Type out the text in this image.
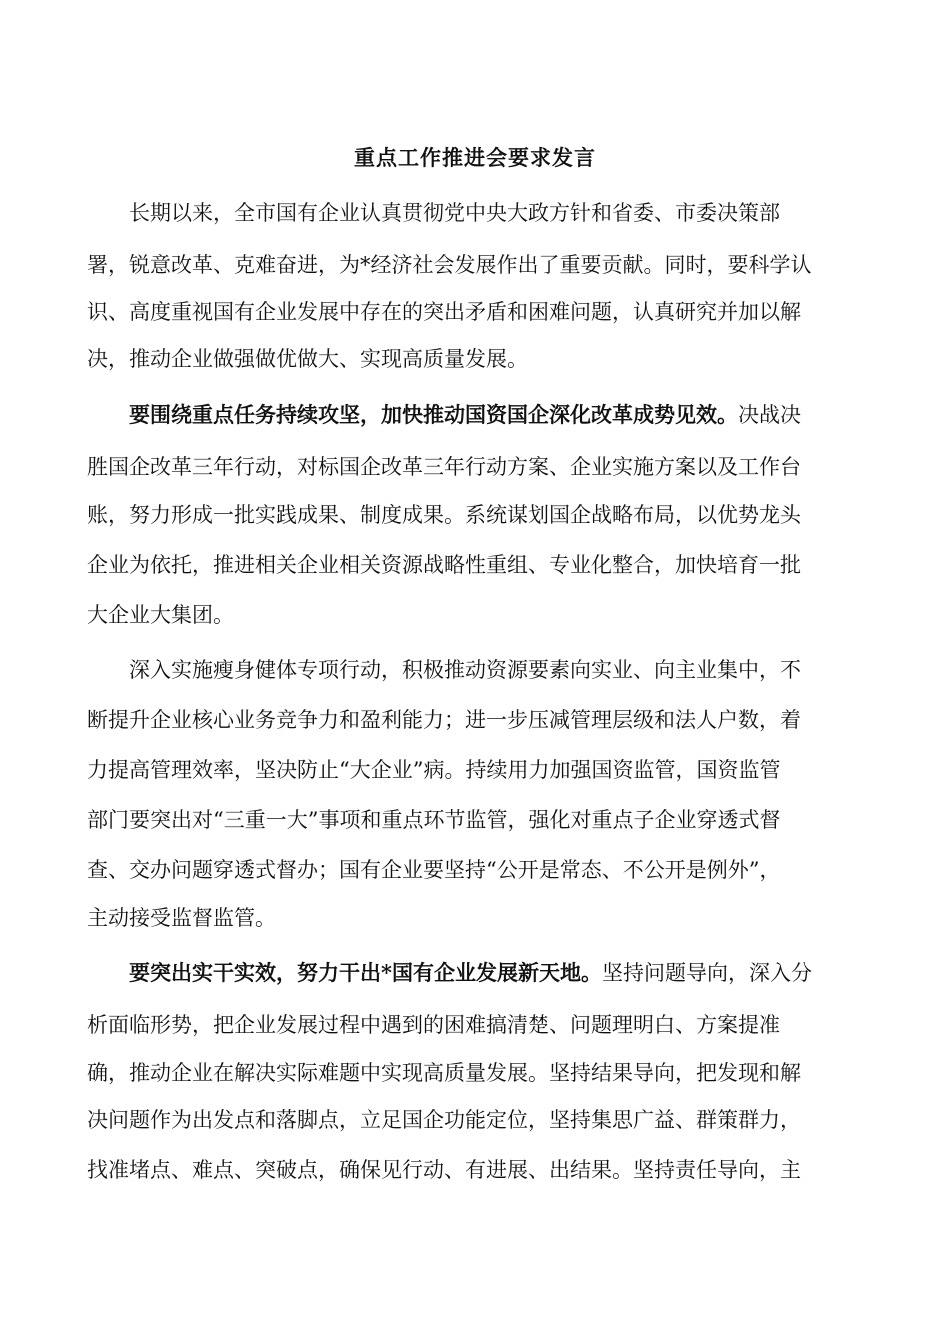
重点工作推进会要求发言
长期以来，全市国有企业认真贯彻党中央大政方针和省委、市委决策部
署，锐意改革、克难奋进，为*经济社会发展作出了重要贡献。同时，要科学认
识、高度重视国有企业发展中存在的突出矛盾和困难问题，认真研究并加以解
决，推动企业做强做优做大、实现高质量发展。
要围绕重点任务持续攻坚，加快推动国资国企深化改革成势见效。决战决
胜国企改革三年行动，对标国企改革三年行动方案、企业实施方案以及工作台
账，努力形成一批实践成果、制度成果。系统谋划国企战略布局，以优势龙头
企业为依托，推进相关企业相关资源战略性重组、专业化整合，加快培育一批
大企业大集团。
深入实施瘦身健体专项行动，积极推动资源要素向实业、向主业集中，不
断提升企业核心业务竞争力和盈利能力；进一步压减管理层级和法人户数，着
力提高管理效率，坚决防止“大企业”病。持续用力加强国资监管，国资监管
部门要突出对“三重一大”事项和重点环节监管，强化对重点子企业穿透式督
查、交办问题穿透式督办；国有企业要坚持“公开是常态、不公开是例外”，
主动接受监督监管。
要突出实干实效，努力干出*国有企业发展新天地。坚持问题导向，深入分
析面临形势，把企业发展过程中遇到的困难搞清楚、问题理明白、方案提准
确，推动企业在解决实际难题中实现高质量发展。坚持结果导向，把发现和解
决问题作为出发点和落脚点，立足国企功能定位，坚持集思广益、群策群力，
找准堵点、难点、突破点，确保见行动、有进展、出结果。坚持责任导向，主
